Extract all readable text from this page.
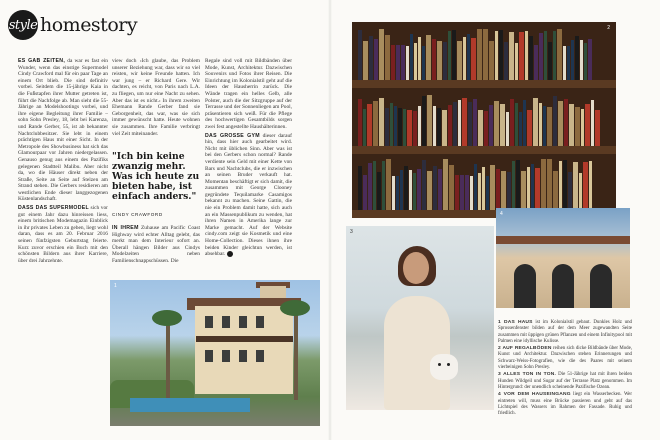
style homestory

ES GAB ZEITEN, da war es fast ein Wunder, wenn das einstige Supermodel Cindy Crawford mal für ein paar Tage an einem Ort blieb. Die sind definitiv vorbei. Seitdem die 15-jährige Kaia in die Fußstapfen ihrer Mutter getreten ist, führt die Nachfolge ab. Man sieht die 55-Jährige an Modelshootings vorbei, und ihre eigene Begleitung ihrer Familie – sohn Sohn Presley, 18, lebt bei Karenza, und Rande Gerber, 55, ist ab bekannter Nachtclubbesitzer. Sie lebt in einem prächtigen Haus mit einer Sicht. In der Metropole des Showbusiness hat sich das Glamourpaar vor Jahren niedergelassen. Genauso genug aus einem des Pazifiks gelegenen Stadtteil Malibu. Aber nicht da, wo die Häuser direkt neben der Straße, Seite an Seite auf Stelzen am Strand stehen. Die Gerbers residieren am westlichen Ende dieser langgezogenen Küstenlandschaft.

DASS DAS SUPERMODEL sich vor gut einem Jahr dazu hinreissen liess, einem britischen Modemagazin Einblick in ihr privates Leben zu geben, liegt wohl daran, dass es am 20. Februar 2016 seinen fünfzigsten Geburtstag feierte. Kurz zuvor erschien ein Buch mit den schönsten Bildern aus ihrer Karriere, über drei Jahrzehnte.

view doch ›Ich glaube, das Problem unserer Beziehung war, dass wir so viel reisten, wir keine Freunde hatten. Ich war jung – er Richard Gere. Wir dachten, es reicht, von Paris nach L.A. zu fliegen, um nur eine Nacht zu sehen. Aber das ist es nicht.‹ In ihrem zweiten Ehemann Rande Gerber fand sie Geborgenheit, das war, was sie sich immer gewünscht hatte. Heute wohnen sie zusammen. Ihre Familie verbringt viel Zeit miteinander.

"Ich bin keine zwanzig mehr. Was ich heute zu bieten habe, ist einfach anders."
CINDY CRAWFORD

IN IHREM Zuhause am Pacific Coast Highway wird echter Alltag gelebt, das merkt man dem Interieur sofort an. Überall hängen Bilder aus Cindys Modelzeiten neben Familienschnappschüssen. Die

Regale sind voll mit Bildbänden über Mode, Kunst, Architektur. Dazwischen Souvenirs und Fotos ihrer Reisen. Die Einrichtung im Kolonialstil geht auf die Ideen der Hausherrin zurück. Die Wände tragen ein helles Gelb, alle Polster, auch die der Sitzgruppe auf der Terrasse und der Sonnenliegen am Pool, präsentieren sich weiß. Für die Pflege des hochwertigen Gesamtbilds sorgen zwei fest angestellte Haushälterinnen.

DAS GROSSE GYM dieser darauf hin, dass hier auch gearbeitet wird. Nicht mit üblichen Sinn. Aber was ist bei den Gerbers schon normal? Rande verdiente sein Geld mit einer Kette von Bars und Nachtclubs, die er inzwischen an seinen Bruder verkauft hat. Momentan beschäftigt er sich damit, die zusammen mit George Clooney gegründete Tequilamarke Casamigos bekannt zu machen. Seine Gattin, die nie ein Problem damit hatte, sich auch an ein Massenpublikum zu wenden, hat ihren Namen in Amerika lange zur Marke gemacht. Auf der Website cindy.com zeigt sie Kosmetik und eine Home-Collection. Dieses ihnen ihre beiden Kinder gleichtun werden, ist absehbar.

1
2
3
4

1 DAS HAUS ist im Kolonialstil gebaut. Dunkles Holz und Sprossenfenster bilden auf der dem Meer zugewandten Seite zusammen mit üppigen grünen Pflanzen und einem Infinitypool mit Palmen eine idyllische Kulisse.

2 AUF REGALBÖDEN reihen sich dicke Bildbände über Mode, Kunst und Architektur. Dazwischen stehen Erinnerungen und Schwarz-Weiss-Fotografien, wie die des Paares mit seinem vierbeinigen Sohn Presley.

3 ALLES TON IN TON. Die 51-Jährige hat mit ihren beiden Hunden Wildgeil und Sugar auf der Terrasse Platz genommen. Im Hintergrund: der unendlich scheinende Pazifische Ozean.

4 VOR DEM HAUSEINGANG liegt ein Wasserbecken. Wer eintreten will, muss eine Brücke passieren und geht auf das Lichtspiel des Wassers im Rahmen der Fassade. Ruhig und friedlich.
